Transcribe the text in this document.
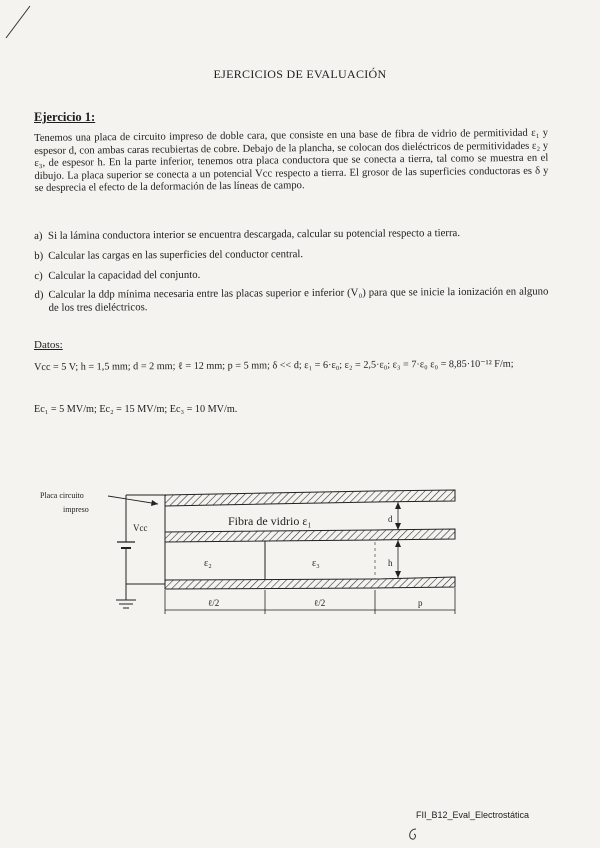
EJERCICIOS DE EVALUACIÓN
Ejercicio 1:
Tenemos una placa de circuito impreso de doble cara, que consiste en una base de fibra de vidrio de permitividad ε₁ y espesor d, con ambas caras recubiertas de cobre. Debajo de la plancha, se colocan dos dieléctricos de permitividades ε₂ y ε₃, de espesor h. En la parte inferior, tenemos otra placa conductora que se conecta a tierra, tal como se muestra en el dibujo. La placa superior se conecta a un potencial Vcc respecto a tierra. El grosor de las superficies conductoras es δ y se desprecia el efecto de la deformación de las líneas de campo.
a) Si la lámina conductora interior se encuentra descargada, calcular su potencial respecto a tierra.
b) Calcular las cargas en las superficies del conductor central.
c) Calcular la capacidad del conjunto.
d) Calcular la ddp mínima necesaria entre las placas superior e inferior (V₀) para que se inicie la ionización en alguno de los tres dieléctricos.
Datos:
Vcc = 5 V; h = 1,5 mm; d = 2 mm; ℓ = 12 mm; p = 5 mm; δ << d; ε₁ = 6·ε₀; ε₂ = 2,5·ε₀; ε₃ = 7·ε₀ ε₀ = 8,85·10⁻¹² F/m;
Ec₁ = 5 MV/m; Ec₂ = 15 MV/m; Ec₃ = 10 MV/m.
Fibra de vidrio ε₁
ε₂	ε₃
Placa circuito
impreso
Vcc
d
h
ℓ/2	ℓ/2	p
FII_B12_Eval_Electrostática
